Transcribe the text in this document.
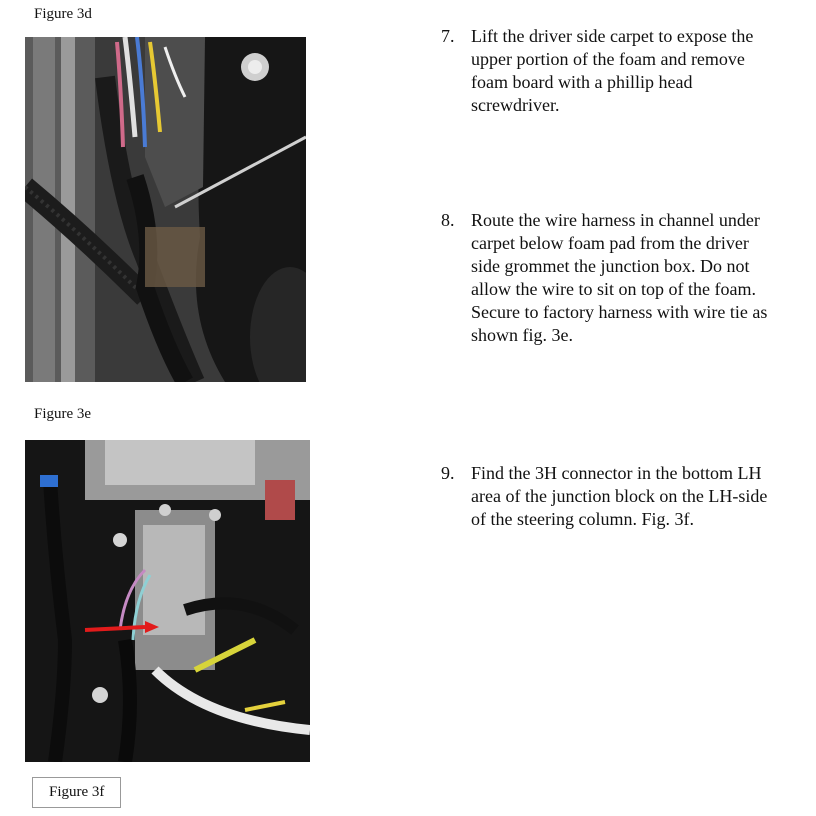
Figure 3d
Figure 3e
Figure 3f
7. Lift the driver side carpet to expose the
upper portion of the foam and remove
foam board with a phillip head
screwdriver.
8. Route the wire harness in channel under
carpet below foam pad from the driver
side grommet the junction box. Do not
allow the wire to sit on top of the foam.
Secure to factory harness with wire tie as
shown fig. 3e.
9. Find the 3H connector in the bottom LH
area of the junction block on the LH-side
of the steering column. Fig. 3f.
